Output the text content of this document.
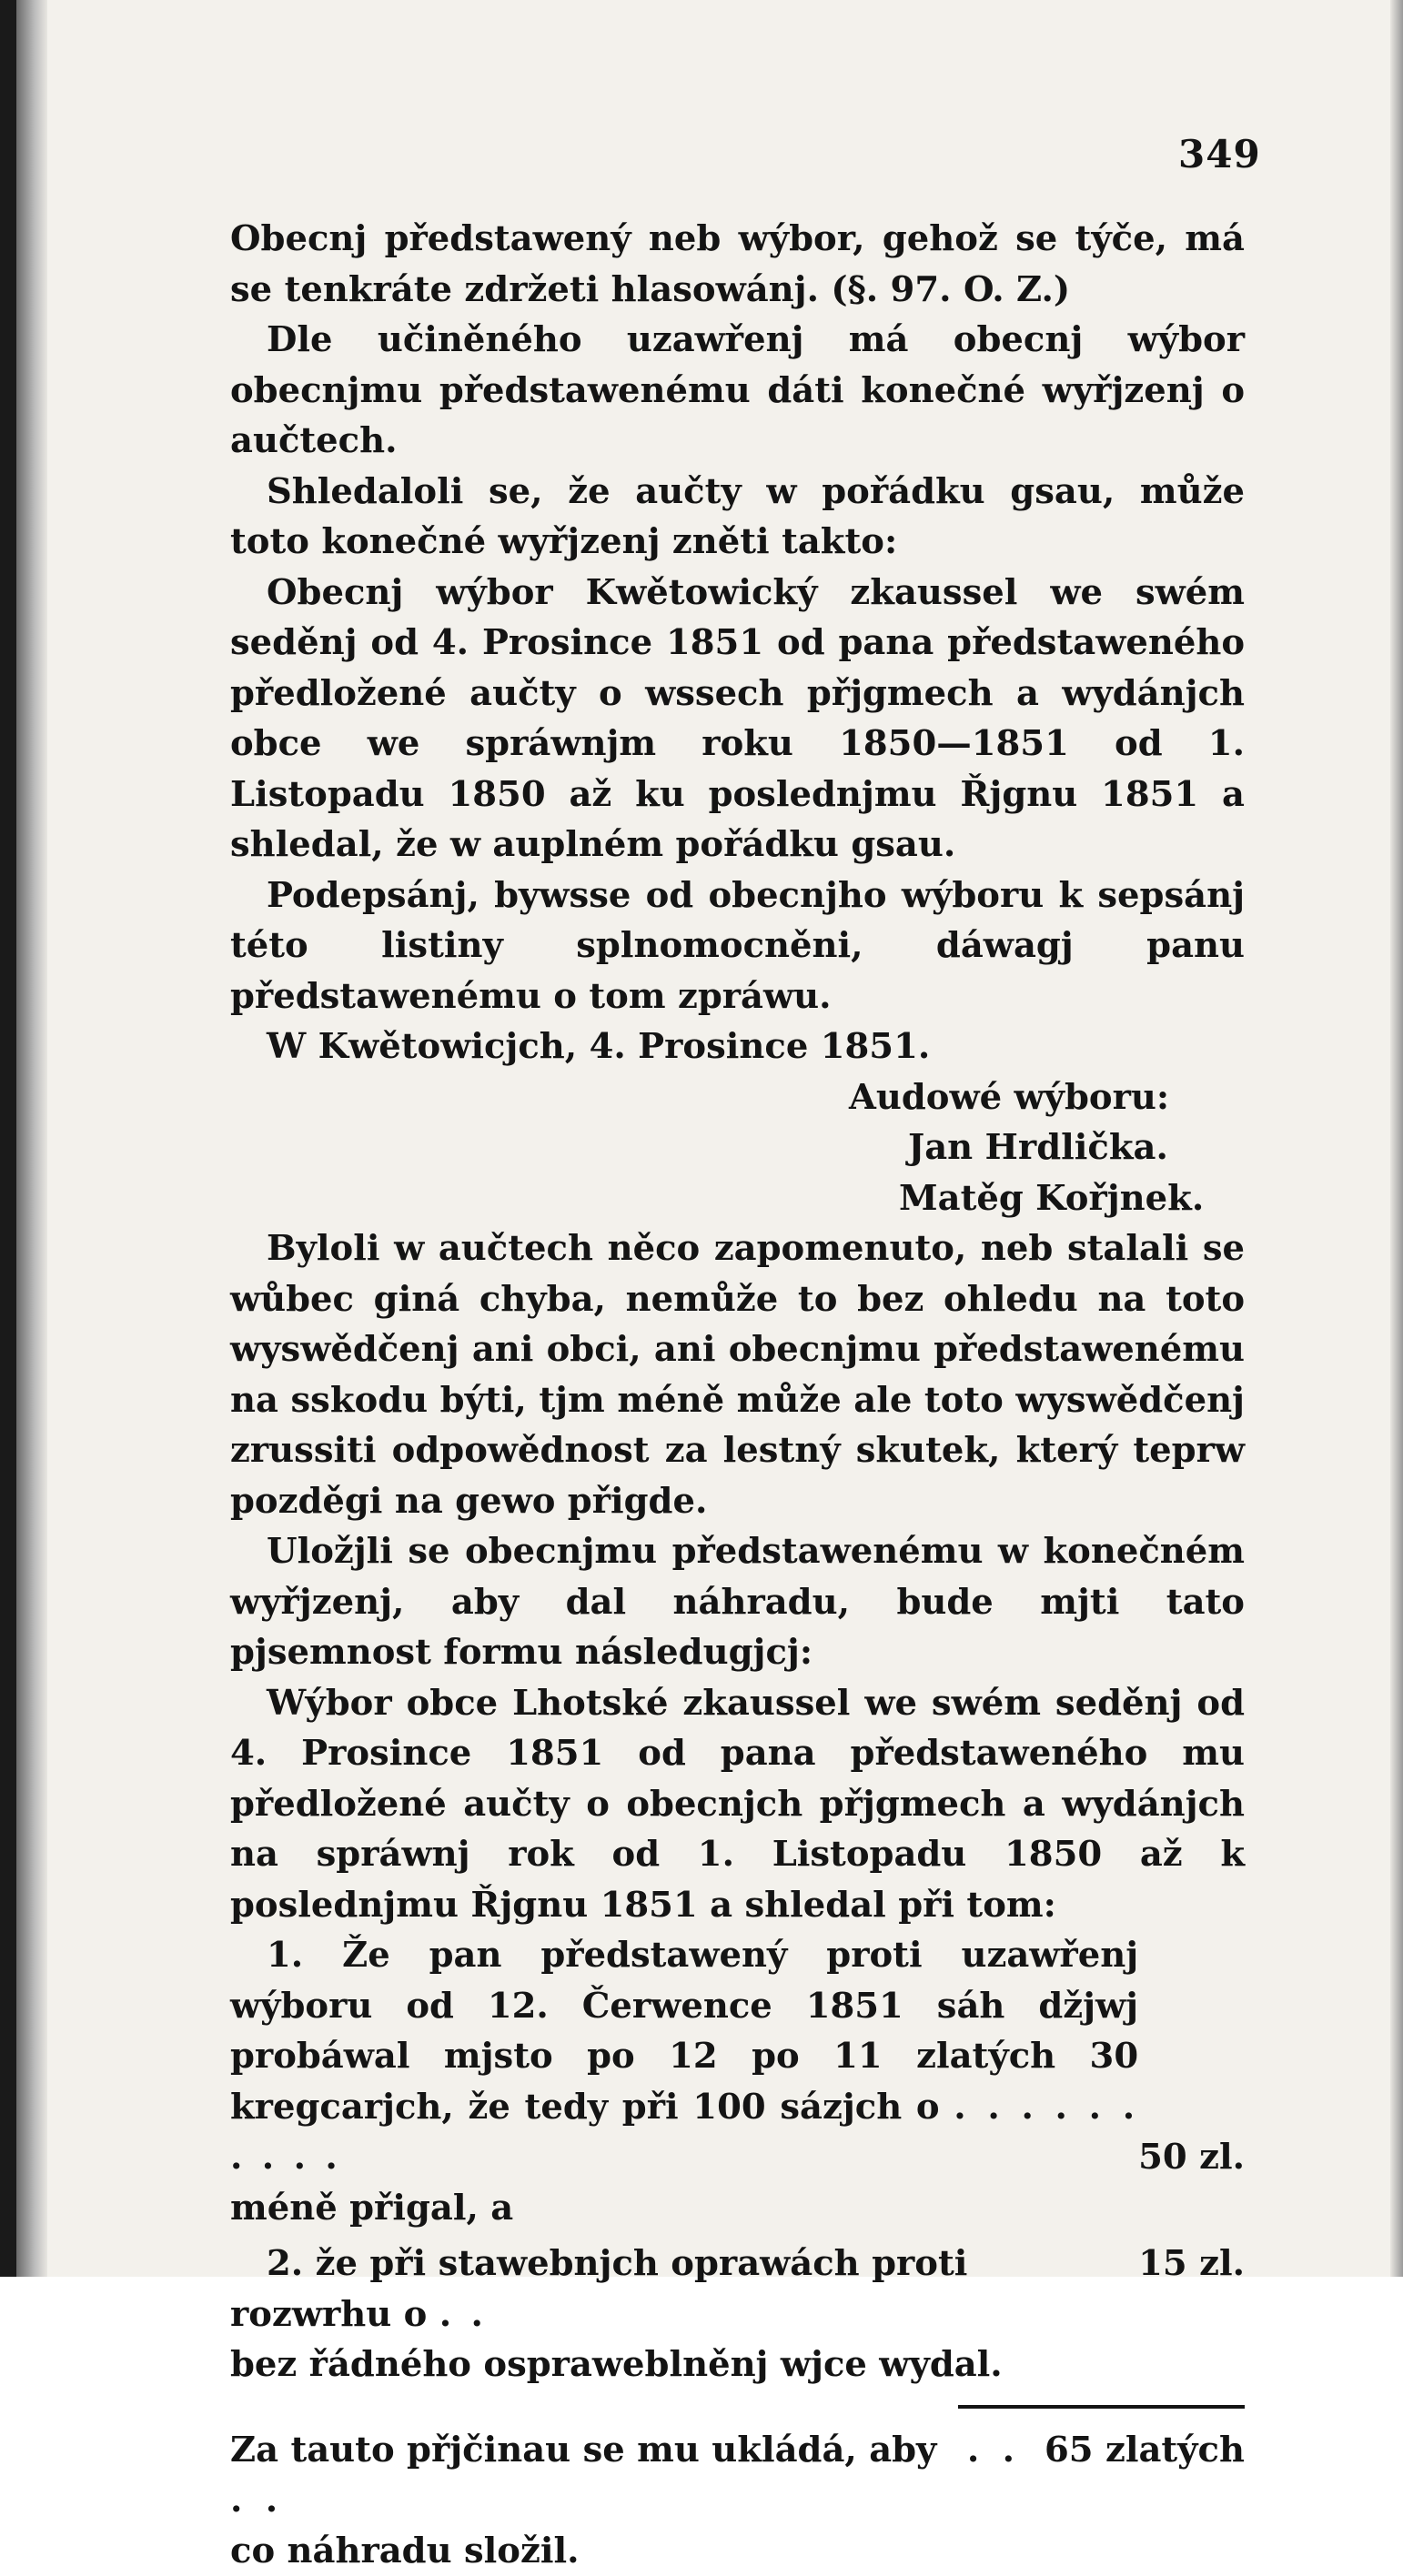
349
Obecnj předstawený neb wýbor, gehož se týče, má se tenkráte zdržeti hlasowánj. (§. 97. O. Z.)
Dle učiněného uzawřenj má obecnj wýbor obecnjmu předstawenému dáti konečné wyřjzenj o aučtech.
Shledaloli se, že aučty w pořádku gsau, může toto konečné wyřjzenj zněti takto:
Obecnj wýbor Kwětowický zkaussel we swém seděnj od 4. Prosince 1851 od pana předstaweného předložené aučty o wssech přjgmech a wydánjch obce we spráwnjm roku 1850—1851 od 1. Listopadu 1850 až ku poslednjmu Řjgnu 1851 a shledal, že w auplném pořádku gsau.
Podepsánj, bywsse od obecnjho wýboru k sepsánj této listiny splnomocněni, dáwagj panu předstawenému o tom zpráwu.
W Kwětowicjch, 4. Prosince 1851.
Audowé wýboru:
Jan Hrdlička.
Matěg Kořjnek.
Byloli w aučtech něco zapomenuto, neb stalali se wůbec giná chyba, nemůže to bez ohledu na toto wyswědčenj ani obci, ani obecnjmu předstawenému na sskodu býti, tjm méně může ale toto wyswědčenj zrussiti odpowědnost za lestný skutek, který teprw pozděgi na gewo přigde.
Uložjli se obecnjmu předstawenému w konečném wyřjzenj, aby dal náhradu, bude mjti tato pjsemnost formu následugjcj:
Wýbor obce Lhotské zkaussel we swém seděnj od 4. Prosince 1851 od pana předstaweného mu předložené aučty o obecnjch přjgmech a wydánjch na spráwnj rok od 1. Listopadu 1850 až k poslednjmu Řjgnu 1851 a shledal při tom:
1. Že pan předstawený proti uzawřenj wýboru od 12. Čerwence 1851 sáh džjwj probáwal mjsto po 12 po 11 zlatých 30 kregcarjch, že tedy při 100 sázjch o . . . . . . . . . .	50 zl.
méně přigal, a
2. že při stawebnjch oprawách proti rozwrhu o . .
15 zl.
bez řádného ospraweblněnj wjce wydal.
Za tauto přjčinau se mu ukládá, aby . . . .
65 zlatých
co náhradu složil.
